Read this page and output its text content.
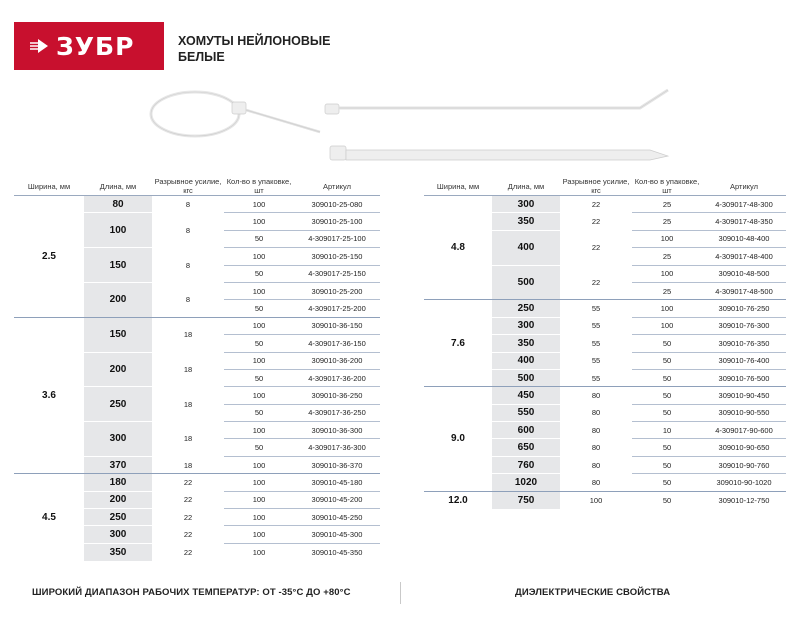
ЗУБР	ХОМУТЫ НЕЙЛОНОВЫЕ
БЕЛЫЕ
Ширина, мм	Длина, мм	Разрывное усилие, кгс	Кол-во в упаковке, шт	Артикул
2.5	80	8	100	309010-25-080
	100	8	100	309010-25-100
			50	4-309017-25-100
	150	8	100	309010-25-150
			50	4-309017-25-150
	200	8	100	309010-25-200
			50	4-309017-25-200
3.6	150	18	100	309010-36-150
			50	4-309017-36-150
	200	18	100	309010-36-200
			50	4-309017-36-200
	250	18	100	309010-36-250
			50	4-309017-36-250
	300	18	100	309010-36-300
			50	4-309017-36-300
	370	18	100	309010-36-370
4.5	180	22	100	309010-45-180
	200	22	100	309010-45-200
	250	22	100	309010-45-250
	300	22	100	309010-45-300
	350	22	100	309010-45-350
Ширина, мм	Длина, мм	Разрывное усилие, кгс	Кол-во в упаковке, шт	Артикул
4.8	300	22	25	4-309017-48-300
	350	22	25	4-309017-48-350
	400	22	100	309010-48-400
			25	4-309017-48-400
	500	22	100	309010-48-500
			25	4-309017-48-500
7.6	250	55	100	309010-76-250
	300	55	100	309010-76-300
	350	55	50	309010-76-350
	400	55	50	309010-76-400
	500	55	50	309010-76-500
9.0	450	80	50	309010-90-450
	550	80	50	309010-90-550
	600	80	10	4-309017-90-600
	650	80	50	309010-90-650
	760	80	50	309010-90-760
	1020	80	50	309010-90-1020
12.0	750	100	50	309010-12-750
ШИРОКИЙ ДИАПАЗОН РАБОЧИХ ТЕМПЕРАТУР: ОТ -35°С ДО +80°С	ДИЭЛЕКТРИЧЕСКИЕ СВОЙСТВА
